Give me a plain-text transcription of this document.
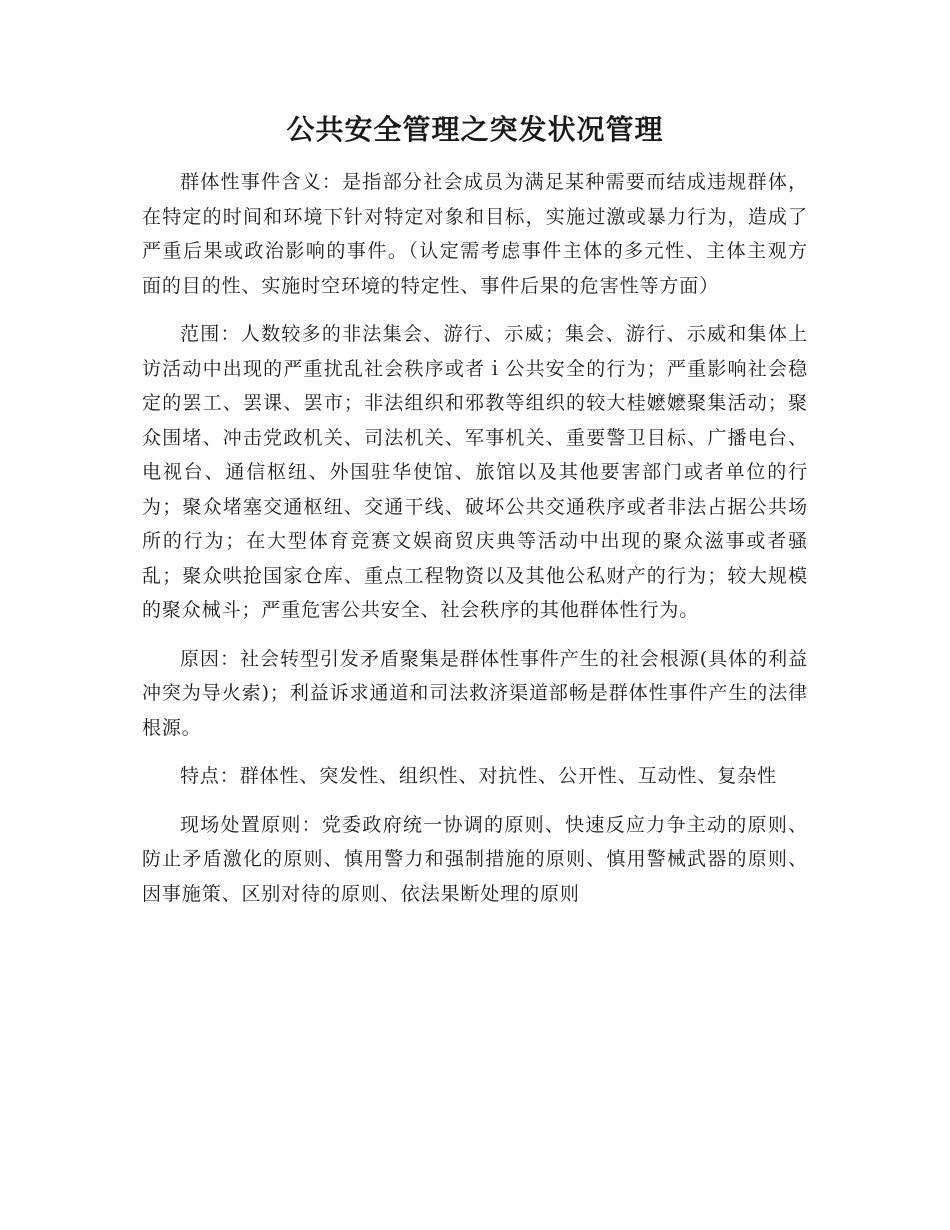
公共安全管理之突发状况管理

群体性事件含义：是指部分社会成员为满足某种需要而结成违规群体，在特定的时间和环境下针对特定对象和目标，实施过激或暴力行为，造成了严重后果或政治影响的事件。（认定需考虑事件主体的多元性、主体主观方面的目的性、实施时空环境的特定性、事件后果的危害性等方面）

范围：人数较多的非法集会、游行、示威；集会、游行、示威和集体上访活动中出现的严重扰乱社会秩序或者ｉ公共安全的行为；严重影响社会稳定的罢工、罢课、罢市；非法组织和邪教等组织的较大桂嬷嬷聚集活动；聚众围堵、冲击党政机关、司法机关、军事机关、重要警卫目标、广播电台、电视台、通信枢纽、外国驻华使馆、旅馆以及其他要害部门或者单位的行为；聚众堵塞交通枢纽、交通干线、破坏公共交通秩序或者非法占据公共场所的行为；在大型体育竞赛文娱商贸庆典等活动中出现的聚众滋事或者骚乱；聚众哄抢国家仓库、重点工程物资以及其他公私财产的行为；较大规模的聚众械斗；严重危害公共安全、社会秩序的其他群体性行为。

原因：社会转型引发矛盾聚集是群体性事件产生的社会根源(具体的利益冲突为导火索)；利益诉求通道和司法救济渠道部畅是群体性事件产生的法律根源。

特点：群体性、突发性、组织性、对抗性、公开性、互动性、复杂性

现场处置原则：党委政府统一协调的原则、快速反应力争主动的原则、防止矛盾激化的原则、慎用警力和强制措施的原则、慎用警械武器的原则、因事施策、区别对待的原则、依法果断处理的原则
